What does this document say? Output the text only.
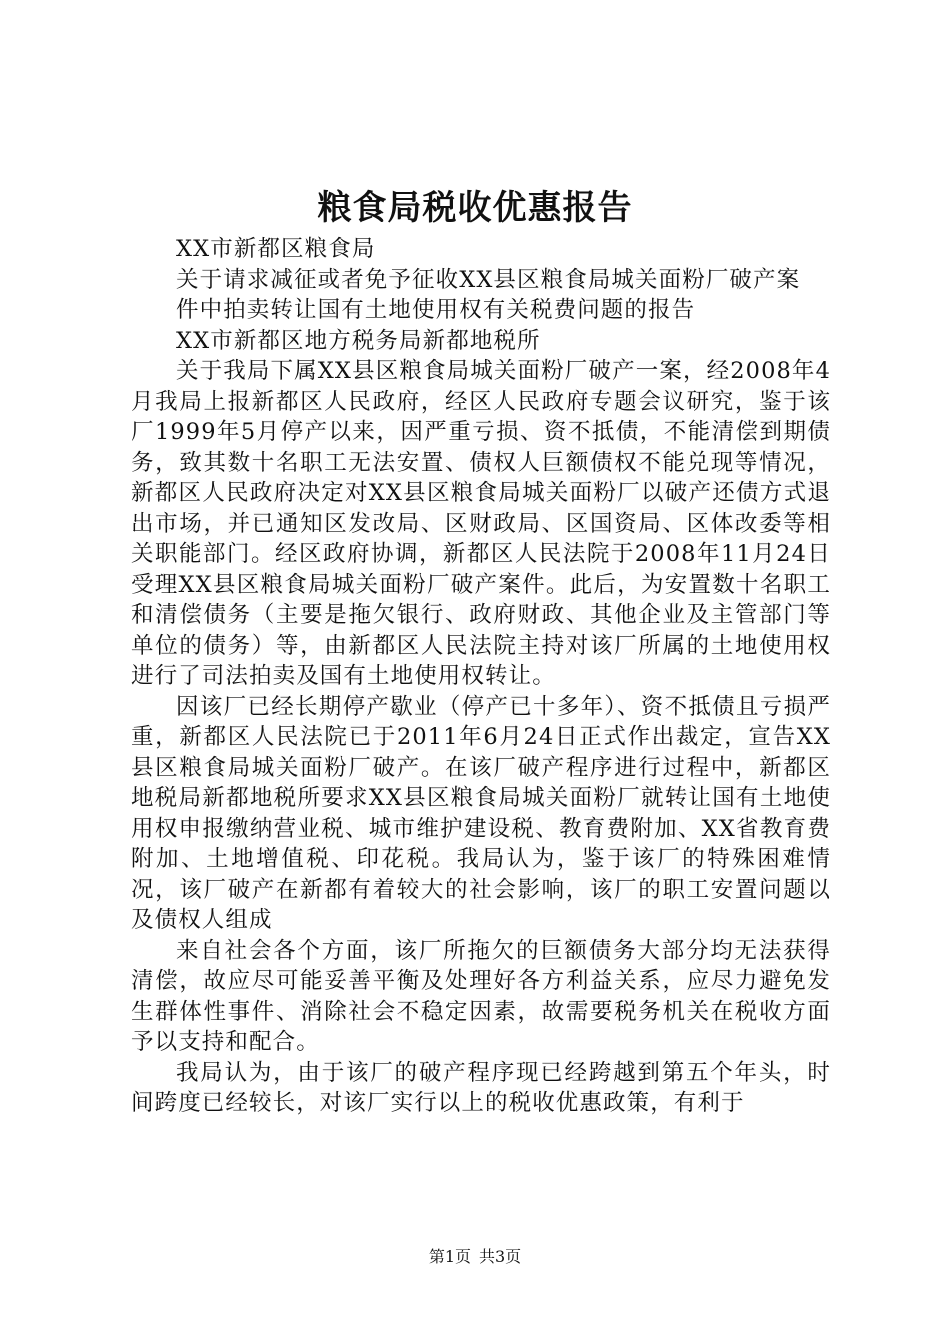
粮食局税收优惠报告

XX市新都区粮食局

关于请求减征或者免予征收XX县区粮食局城关面粉厂破产案

件中拍卖转让国有土地使用权有关税费问题的报告

XX市新都区地方税务局新都地税所

关于我局下属XX县区粮食局城关面粉厂破产一案，经2008年4月我局上报新都区人民政府，经区人民政府专题会议研究，鉴于该厂1999年5月停产以来，因严重亏损、资不抵债，不能清偿到期债务，致其数十名职工无法安置、债权人巨额债权不能兑现等情况，新都区人民政府决定对XX县区粮食局城关面粉厂以破产还债方式退出市场，并已通知区发改局、区财政局、区国资局、区体改委等相关职能部门。经区政府协调，新都区人民法院于2008年11月24日受理XX县区粮食局城关面粉厂破产案件。此后，为安置数十名职工和清偿债务（主要是拖欠银行、政府财政、其他企业及主管部门等单位的债务）等，由新都区人民法院主持对该厂所属的土地使用权进行了司法拍卖及国有土地使用权转让。

因该厂已经长期停产歇业（停产已十多年）、资不抵债且亏损严重，新都区人民法院已于2011年6月24日正式作出裁定，宣告XX县区粮食局城关面粉厂破产。在该厂破产程序进行过程中，新都区地税局新都地税所要求XX县区粮食局城关面粉厂就转让国有土地使用权申报缴纳营业税、城市维护建设税、教育费附加、XX省教育费附加、土地增值税、印花税。我局认为，鉴于该厂的特殊困难情况，该厂破产在新都有着较大的社会影响，该厂的职工安置问题以及债权人组成

来自社会各个方面，该厂所拖欠的巨额债务大部分均无法获得清偿，故应尽可能妥善平衡及处理好各方利益关系，应尽力避免发生群体性事件、消除社会不稳定因素，故需要税务机关在税收方面予以支持和配合。

我局认为，由于该厂的破产程序现已经跨越到第五个年头，时间跨度已经较长，对该厂实行以上的税收优惠政策，有利于

第1页 共3页
